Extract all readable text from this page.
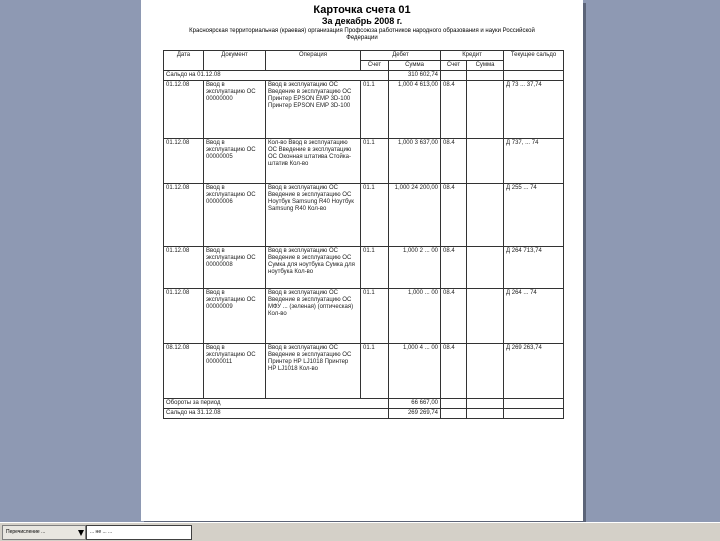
Карточка счета 01
За декабрь 2008 г.
Красноярская территориальная (краевая) организация Профсоюза работников народного образования и науки Российской Федерации
Дата	Документ	Операция	Дебет		Кредит		Текущее сальдо
			Счет	Сумма	Счет	Сумма	
Сальдо на 01.12.08				310 602,74			
01.12.08	Ввод в эксплуатацию ОС 00000000	Ввод в эксплуатацию ОС Введение в эксплуатацию ОС Принтер EPSON EMP 3D-100 Принтер EPSON EMP 3D-100	01.1	1,000 4 613,00	08.4		Д 73 ... 37,74
01.12.08	Ввод в эксплуатацию ОС 00000005	Кол-во Ввод в эксплуатацию ОС Введение в эксплуатацию ОС Оконная штатива Стойка-штатив Кол-во	01.1	1,000 3 637,00	08.4		Д 737, ... 74
01.12.08	Ввод в эксплуатацию ОС 00000006	Ввод в эксплуатацию ОС Введение в эксплуатацию ОС Ноутбук Samsung R40 Ноутбук Samsung R40 Кол-во	01.1	1,000 24 200,00	08.4		Д 255 ... 74
01.12.08	Ввод в эксплуатацию ОС 00000008	Ввод в эксплуатацию ОС Введение в эксплуатацию ОС Сумка для ноутбука Сумка для ноутбука Кол-во	01.1	1,000 2 ... 00	08.4		Д 264 713,74
01.12.08	Ввод в эксплуатацию ОС 00000009	Ввод в эксплуатацию ОС Введение в эксплуатацию ОС МФУ ... (зеленая) (оптическая) Кол-во	01.1	1,000 ... 00	08.4		Д 264 ... 74
08.12.08	Ввод в эксплуатацию ОС 00000011	Ввод в эксплуатацию ОС Введение в эксплуатацию ОС Принтер HP LJ1018 Принтер HP LJ1018 Кол-во	01.1	1,000 4 ... 00	08.4		Д 269 263,74
Обороты за период				66 667,00			
Сальдо на 31.12.08				269 269,74			
Перечисление ...	... не ... ...
